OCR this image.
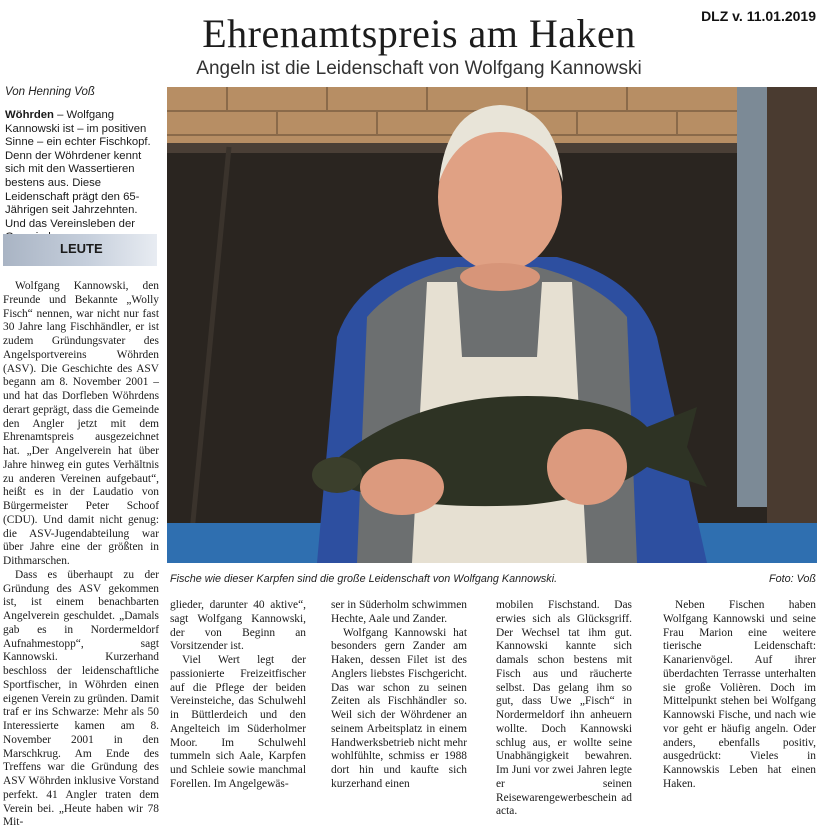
DLZ v. 11.01.2019
Ehrenamtspreis am Haken
Angeln ist die Leidenschaft von Wolfgang Kannowski
Von Henning Voß
Wöhrden – Wolfgang Kannowski ist – im positiven Sinne – ein echter Fischkopf. Denn der Wöhrdener kennt sich mit den Wassertieren bestens aus. Diese Leidenschaft prägt den 65-Jährigen seit Jahrzehnten. Und das Vereinsleben der
LEUTE

Wolfgang Kannowski, den Freunde und Bekannte „Wolly Fisch“ nennen, war nicht nur fast 30 Jahre lang Fischhändler, er ist zudem Gründungsvater des Angelsportvereins Wöhrden (ASV). Die Geschichte des ASV begann am 8. November 2001 – und hat das Dorfleben Wöhrdens derart geprägt, dass die Gemeinde den Angler jetzt mit dem Ehrenamtspreis ausgezeichnet hat. „Der Angelverein hat über Jahre hinweg ein gutes Verhältnis zu anderen Vereinen aufgebaut“, heißt es in der Laudatio von Bürgermeister Peter Schoof (CDU). Und damit nicht genug: die ASV-Jugendabteilung war über Jahre eine der größten in Dithmarschen.

Dass es überhaupt zu der Gründung des ASV gekommen ist, ist einem benachbarten Angelverein geschuldet. „Damals gab es in Nordermeldorf Aufnahmestopp“, sagt Kannowski. Kurzerhand beschloss der leidenschaftliche Sportfischer, in Wöhrden einen eigenen Verein zu gründen. Damit traf er ins Schwarze: Mehr als 50 Interessierte kamen am 8. November 2001 in den Marschkrug. Am Ende des Treffens war die Gründung des ASV Wöhrden inklusive Vorstand perfekt. 41 Angler traten dem Verein bei. „Heute haben wir 78 Mit-

Fische wie dieser Karpfen sind die große Leidenschaft von Wolfgang Kannowski.	Foto: Voß

glieder, darunter 40 aktive“, sagt Wolfgang Kannowski, der von Beginn an Vorsitzender ist.

Viel Wert legt der passionierte Freizeitfischer auf die Pflege der beiden Vereinsteiche, das Schulwehl in Büttlerdeich und den Angelteich im Süderholmer Moor. Im Schulwehl tummeln sich Aale, Karpfen und Schleie sowie manchmal Forellen. Im Angelgewäs-

ser in Süderholm schwimmen Hechte, Aale und Zander.

Wolfgang Kannowski hat besonders gern Zander am Haken, dessen Filet ist des Anglers liebstes Fischgericht. Das war schon zu seinen Zeiten als Fischhändler so. Weil sich der Wöhrdener an seinem Arbeitsplatz in einem Handwerksbetrieb nicht mehr wohlfühlte, schmiss er 1988 dort hin und kaufte sich kurzerhand einen

mobilen Fischstand. Das erwies sich als Glücksgriff. Der Wechsel tat ihm gut. Kannowski kannte sich damals schon bestens mit Fisch aus und räucherte selbst. Das gelang ihm so gut, dass Uwe „Fisch“ in Nordermeldorf ihn anheuern wollte. Doch Kannowski schlug aus, er wollte seine Unabhängigkeit bewahren. Im Juni vor zwei Jahren legte er seinen Reisewarengewerbeschein ad acta.

Neben Fischen haben Wolfgang Kannowski und seine Frau Marion eine weitere tierische Leidenschaft: Kanarienvögel. Auf ihrer überdachten Terrasse unterhalten sie große Volièren. Doch im Mittelpunkt stehen bei Wolfgang Kannowski Fische, und nach wie vor geht er häufig angeln. Oder anders, ebenfalls positiv, ausgedrückt: Vieles in Kannowskis Leben hat einen Haken.
